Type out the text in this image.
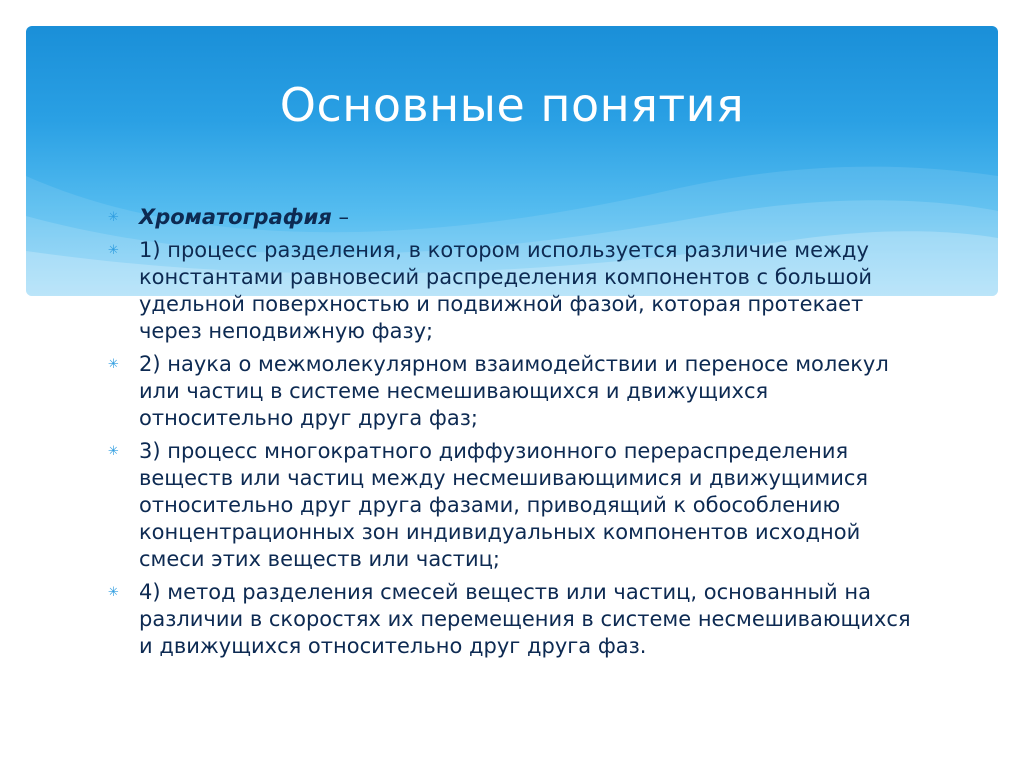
Основные понятия
✳ Хроматография –
✳ 1) процесс разделения, в котором используется различие между константами равновесий распределения компонентов с большой удельной поверхностью и подвижной фазой, которая протекает через неподвижную фазу;
✳ 2) наука о межмолекулярном взаимодействии и переносе молекул или частиц в системе несмешивающихся и движущихся относительно друг друга фаз;
✳ 3) процесс многократного диффузионного перераспределения веществ или частиц между несмешивающимися и движущимися относительно друг друга фазами, приводящий к обособлению концентрационных зон индивидуальных компонентов исходной смеси этих веществ или частиц;
✳ 4) метод разделения смесей веществ или частиц, основанный на различии в скоростях их перемещения в системе несмешивающихся и движущихся относительно друг друга фаз.
